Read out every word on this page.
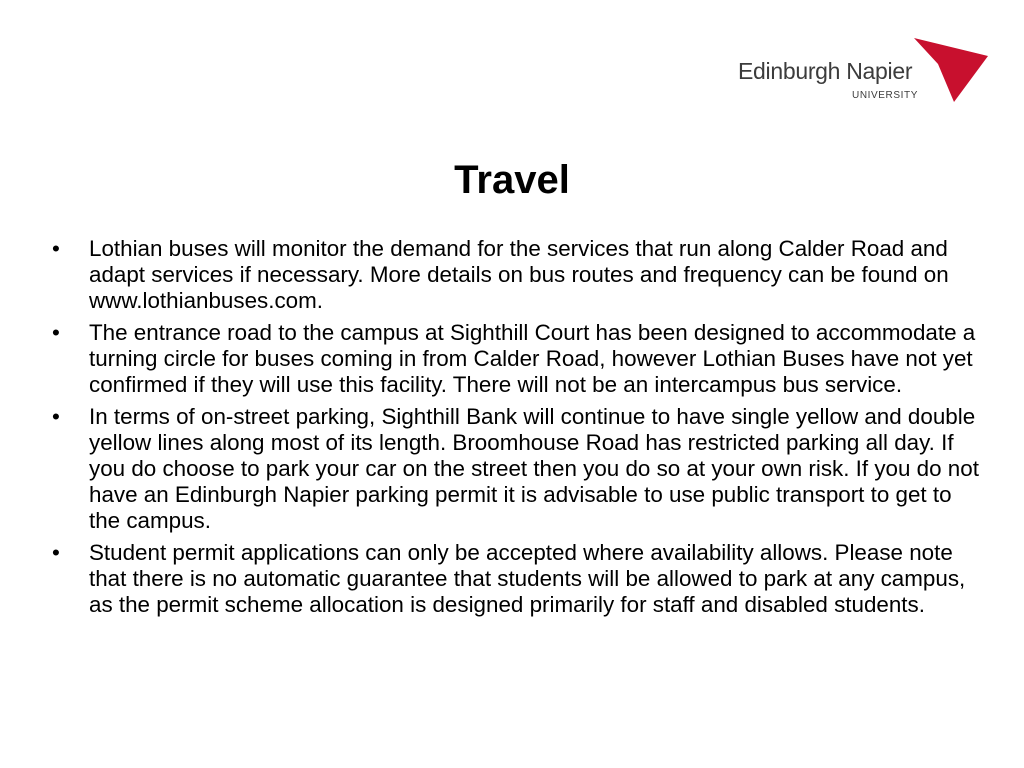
Edinburgh Napier
UNIVERSITY
Travel
• Lothian buses will monitor the demand for the services that run along Calder Road and adapt services if necessary. More details on bus routes and frequency can be found on www.lothianbuses.com.
• The entrance road to the campus at Sighthill Court has been designed to accommodate a turning circle for buses coming in from Calder Road, however Lothian Buses have not yet confirmed if they will use this facility. There will not be an intercampus bus service.
• In terms of on-street parking, Sighthill Bank will continue to have single yellow and double yellow lines along most of its length. Broomhouse Road has restricted parking all day. If you do choose to park your car on the street then you do so at your own risk. If you do not have an Edinburgh Napier parking permit it is advisable to use public transport to get to the campus.
• Student permit applications can only be accepted where availability allows. Please note that there is no automatic guarantee that students will be allowed to park at any campus, as the permit scheme allocation is designed primarily for staff and disabled students.
